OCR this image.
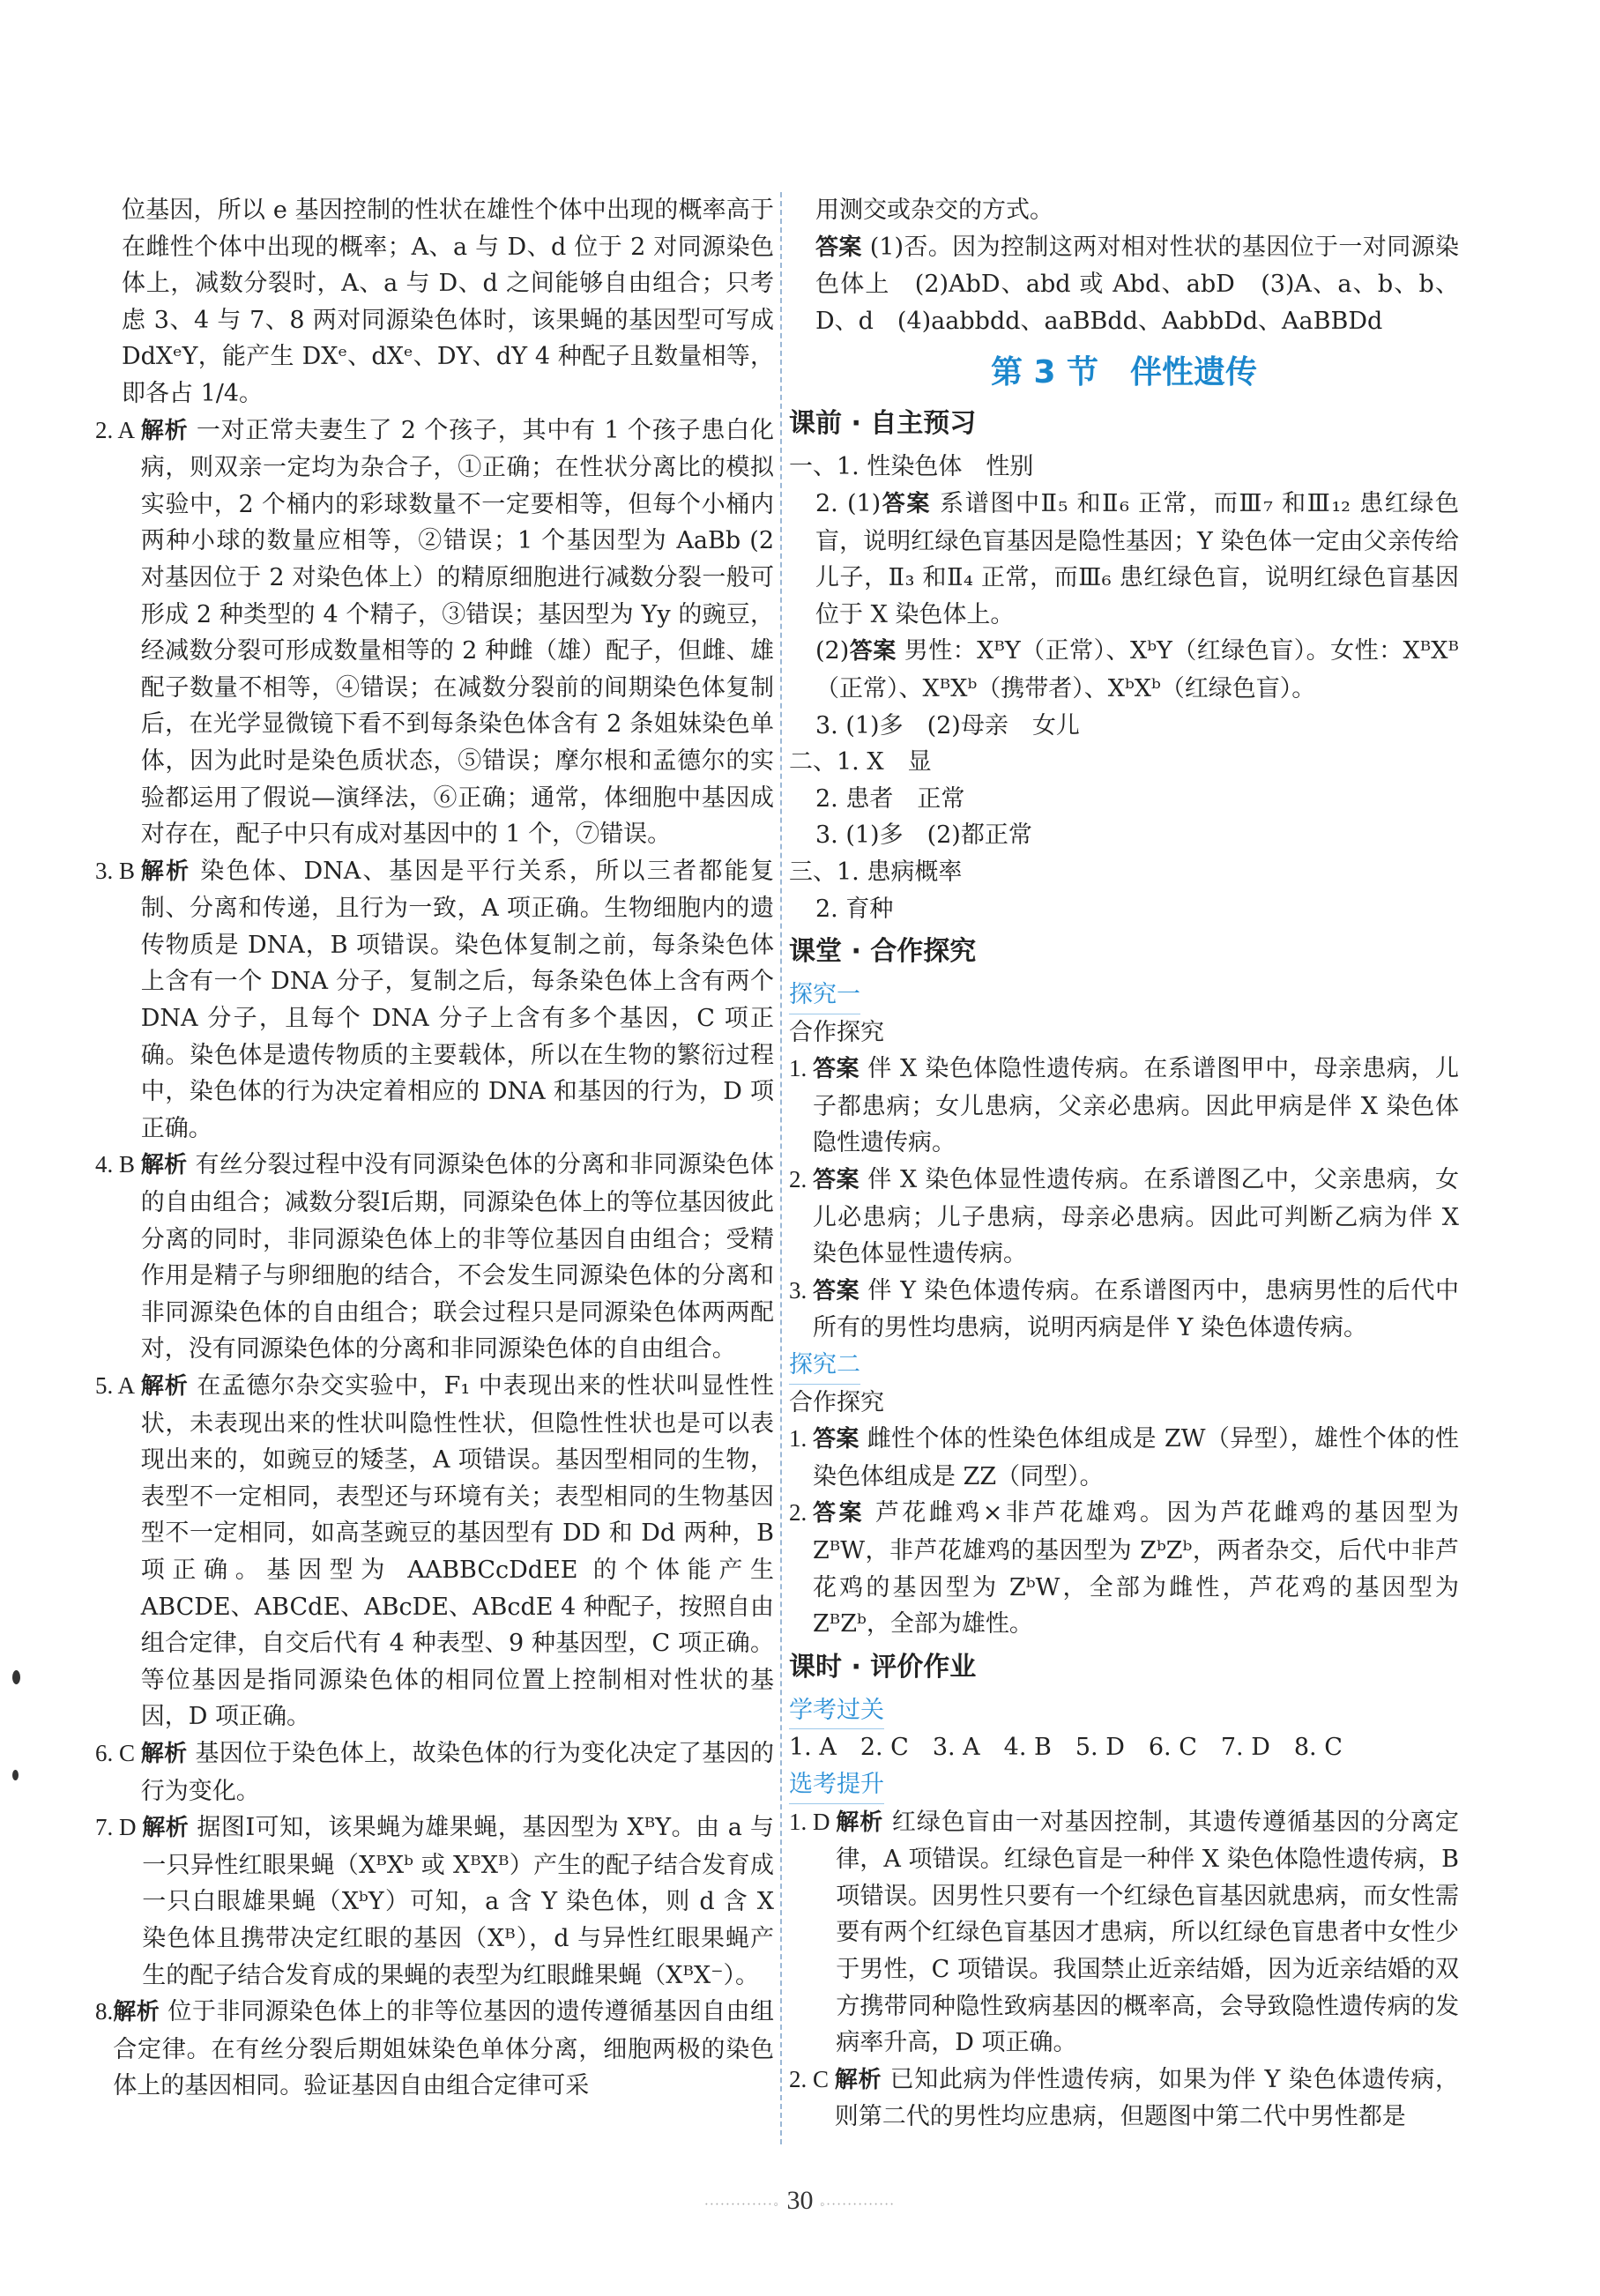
位基因，所以 e 基因控制的性状在雄性个体中出现的概率高于在雌性个体中出现的概率；A、a 与 D、d 位于 2 对同源染色体上，减数分裂时，A、a 与 D、d 之间能够自由组合；只考虑 3、4 与 7、8 两对同源染色体时，该果蝇的基因型可写成 DdXᵉY，能产生 DXᵉ、dXᵉ、DY、dY 4 种配子且数量相等，即各占 1/4。

2. A
解析 一对正常夫妻生了 2 个孩子，其中有 1 个孩子患白化病，则双亲一定均为杂合子，①正确；在性状分离比的模拟实验中，2 个桶内的彩球数量不一定要相等，但每个小桶内两种小球的数量应相等，②错误；1 个基因型为 AaBb (2 对基因位于 2 对染色体上）的精原细胞进行减数分裂一般可形成 2 种类型的 4 个精子，③错误；基因型为 Yy 的豌豆，经减数分裂可形成数量相等的 2 种雌（雄）配子，但雌、雄配子数量不相等，④错误；在减数分裂前的间期染色体复制后，在光学显微镜下看不到每条染色体含有 2 条姐妹染色单体，因为此时是染色质状态，⑤错误；摩尔根和孟德尔的实验都运用了假说—演绎法，⑥正确；通常，体细胞中基因成对存在，配子中只有成对基因中的 1 个，⑦错误。

3. B
解析 染色体、DNA、基因是平行关系，所以三者都能复制、分离和传递，且行为一致，A 项正确。生物细胞内的遗传物质是 DNA，B 项错误。染色体复制之前，每条染色体上含有一个 DNA 分子，复制之后，每条染色体上含有两个 DNA 分子，且每个 DNA 分子上含有多个基因，C 项正确。染色体是遗传物质的主要载体，所以在生物的繁衍过程中，染色体的行为决定着相应的 DNA 和基因的行为，D 项正确。

4. B
解析 有丝分裂过程中没有同源染色体的分离和非同源染色体的自由组合；减数分裂Ⅰ后期，同源染色体上的等位基因彼此分离的同时，非同源染色体上的非等位基因自由组合；受精作用是精子与卵细胞的结合，不会发生同源染色体的分离和非同源染色体的自由组合；联会过程只是同源染色体两两配对，没有同源染色体的分离和非同源染色体的自由组合。

5. A
解析 在孟德尔杂交实验中，F₁ 中表现出来的性状叫显性性状，未表现出来的性状叫隐性性状，但隐性性状也是可以表现出来的，如豌豆的矮茎，A 项错误。基因型相同的生物，表型不一定相同，表型还与环境有关；表型相同的生物基因型不一定相同，如高茎豌豆的基因型有 DD 和 Dd 两种，B 项正确。基因型为 AABBCcDdEE 的个体能产生 ABCDE、ABCdE、ABcDE、ABcdE 4 种配子，按照自由组合定律，自交后代有 4 种表型、9 种基因型，C 项正确。等位基因是指同源染色体的相同位置上控制相对性状的基因，D 项正确。

6. C
解析 基因位于染色体上，故染色体的行为变化决定了基因的行为变化。

7. D
解析 据图Ⅰ可知，该果蝇为雄果蝇，基因型为 XᴮY。由 a 与一只异性红眼果蝇（XᴮXᵇ 或 XᴮXᴮ）产生的配子结合发育成一只白眼雄果蝇（XᵇY）可知，a 含 Y 染色体，则 d 含 X 染色体且携带决定红眼的基因（Xᴮ），d 与异性红眼果蝇产生的配子结合发育成的果蝇的表型为红眼雌果蝇（XᴮX⁻）。

8. 解析 位于非同源染色体上的非等位基因的遗传遵循基因自由组合定律。在有丝分裂后期姐妹染色单体分离，细胞两极的染色体上的基因相同。验证基因自由组合定律可采

用测交或杂交的方式。

答案 (1)否。因为控制这两对相对性状的基因位于一对同源染色体上　(2)AbD、abd 或 Abd、abD　(3)A、a、b、b、D、d　(4)aabbdd、aaBBdd、AabbDd、AaBBDd

第 3 节　伴性遗传
课前 · 自主预习

一、1. 性染色体　性别

2. (1)答案 系谱图中Ⅱ₅ 和Ⅱ₆ 正常，而Ⅲ₇ 和Ⅲ₁₂ 患红绿色盲，说明红绿色盲基因是隐性基因；Y 染色体一定由父亲传给儿子，Ⅱ₃ 和Ⅱ₄ 正常，而Ⅲ₆ 患红绿色盲，说明红绿色盲基因位于 X 染色体上。

(2)答案 男性：XᴮY（正常）、XᵇY（红绿色盲）。女性：XᴮXᴮ（正常）、XᴮXᵇ（携带者）、XᵇXᵇ（红绿色盲）。

3. (1)多　(2)母亲　女儿

二、1. X　显

2. 患者　正常

3. (1)多　(2)都正常

三、1. 患病概率

2. 育种

课堂 · 合作探究
探究一

合作探究

1.
答案 伴 X 染色体隐性遗传病。在系谱图甲中，母亲患病，儿子都患病；女儿患病，父亲必患病。因此甲病是伴 X 染色体隐性遗传病。

2.
答案 伴 X 染色体显性遗传病。在系谱图乙中，父亲患病，女儿必患病；儿子患病，母亲必患病。因此可判断乙病为伴 X 染色体显性遗传病。

3.
答案 伴 Y 染色体遗传病。在系谱图丙中，患病男性的后代中所有的男性均患病，说明丙病是伴 Y 染色体遗传病。

探究二

合作探究

1.
答案 雌性个体的性染色体组成是 ZW（异型），雄性个体的性染色体组成是 ZZ（同型）。

2.
答案 芦花雌鸡×非芦花雄鸡。因为芦花雌鸡的基因型为 ZᴮW，非芦花雄鸡的基因型为 ZᵇZᵇ，两者杂交，后代中非芦花鸡的基因型为 ZᵇW，全部为雌性，芦花鸡的基因型为 ZᴮZᵇ，全部为雄性。

课时 · 评价作业
学考过关

1. A　2. C　3. A　4. B　5. D　6. C　7. D　8. C

选考提升
1. D
解析 红绿色盲由一对基因控制，其遗传遵循基因的分离定律，A 项错误。红绿色盲是一种伴 X 染色体隐性遗传病，B 项错误。因男性只要有一个红绿色盲基因就患病，而女性需要有两个红绿色盲基因才患病，所以红绿色盲患者中女性少于男性，C 项错误。我国禁止近亲结婚，因为近亲结婚的双方携带同种隐性致病基因的概率高，会导致隐性遗传病的发病率升高，D 项正确。

2. C
解析 已知此病为伴性遗传病，如果为伴 Y 染色体遗传病，则第二代的男性均应患病，但题图中第二代中男性都是

∙∙∙∙∙∙∙∙∙∙∙∙∙◦ 30 ◦∙∙∙∙∙∙∙∙∙∙∙∙∙
